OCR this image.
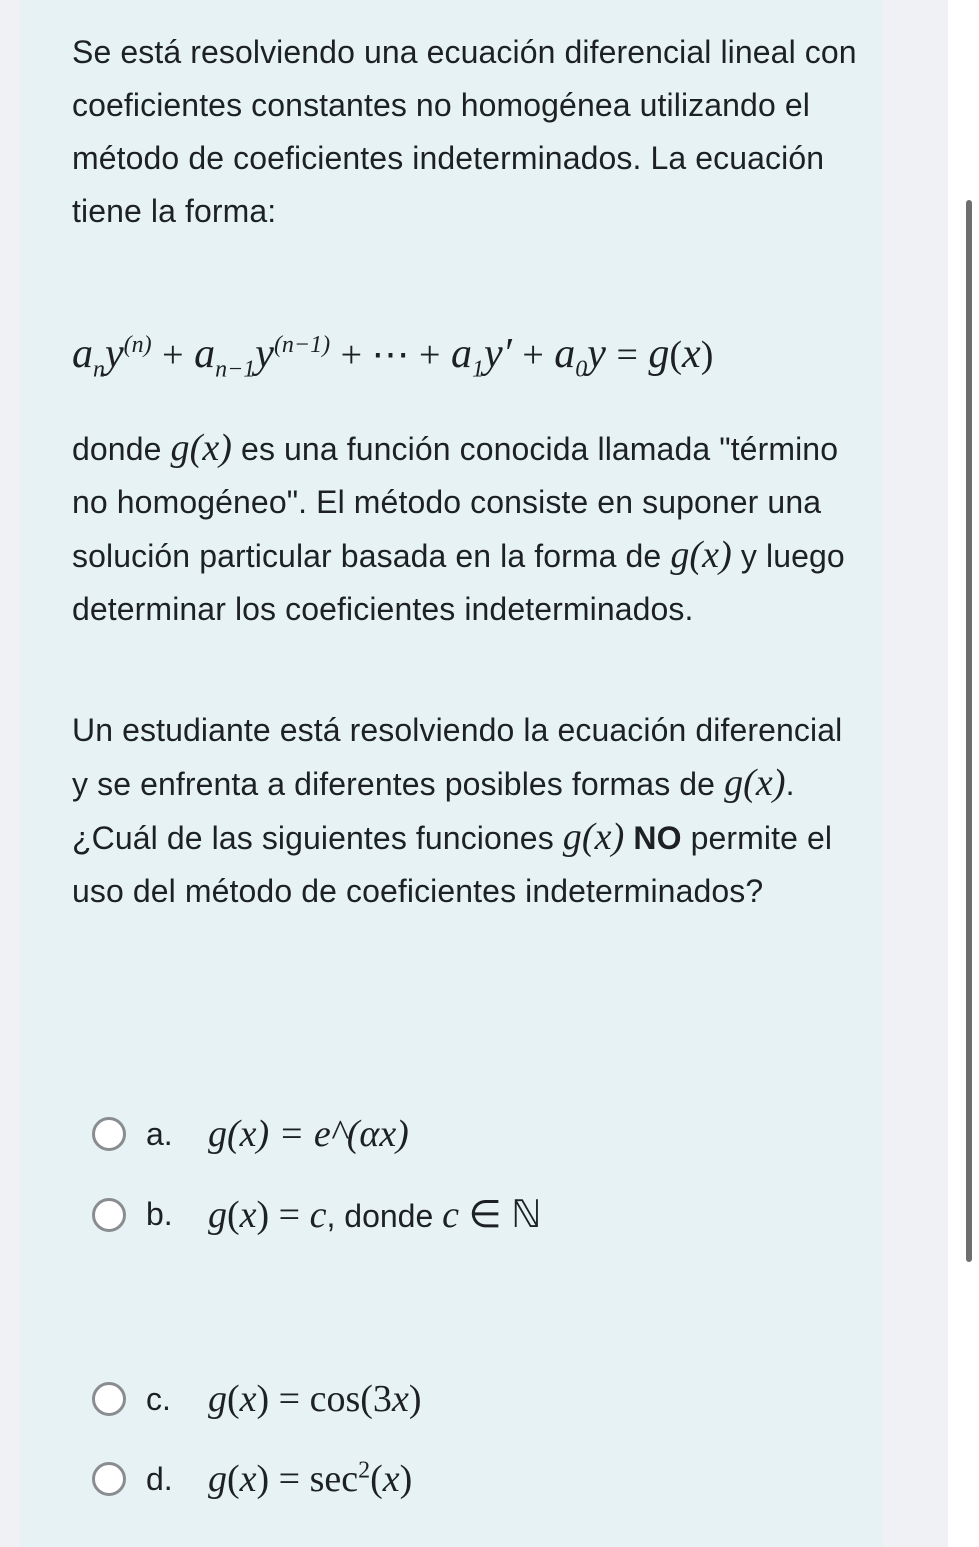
Se está resolviendo una ecuación diferencial lineal con coeficientes constantes no homogénea utilizando el método de coeficientes indeterminados. La ecuación tiene la forma:
$a_ny^{(n)} + a_{n-1}y^{(n-1)}$ + ⋯ + $a_1y' + a_0y = g(x)$
donde g(x) es una función conocida llamada "término no homogéneo". El método consiste en suponer una solución particular basada en la forma de g(x) y luego determinar los coeficientes indeterminados.
Un estudiante está resolviendo la ecuación diferencial y se enfrenta a diferentes posibles formas de g(x). ¿Cuál de las siguientes funciones g(x) NO permite el uso del método de coeficientes indeterminados?
a. g(x) = e^(αx)
b. g(x) = c, donde c ∈ ℕ
c. g(x) = cos(3x)
d. $g(x) = \sec^2(x)$
